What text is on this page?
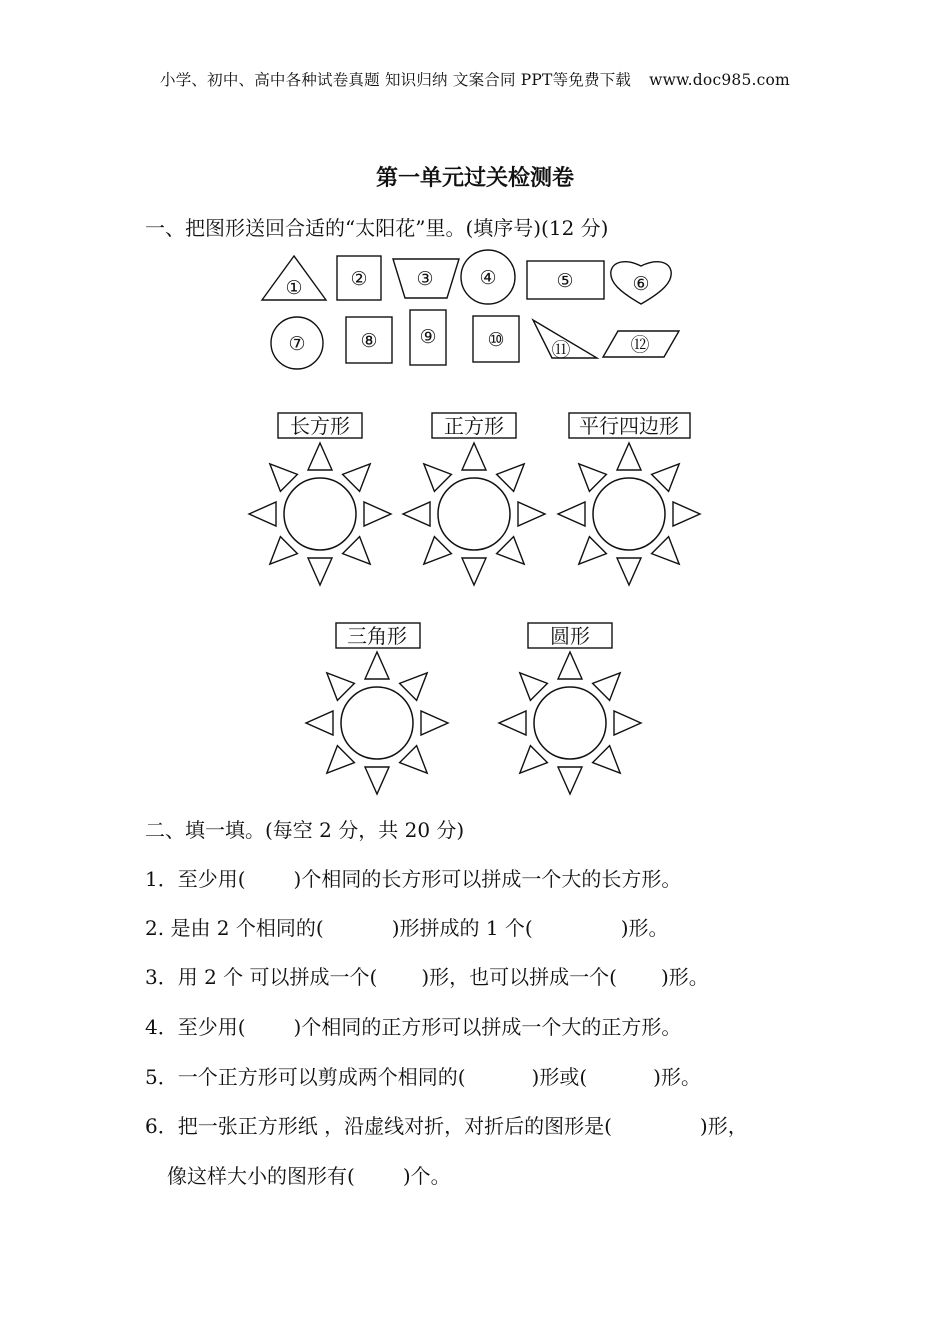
小学、初中、高中各种试卷真题 知识归纳 文案合同 PPT等免费下载 www.doc985.com
第一单元过关检测卷
一、把图形送回合适的“太阳花”里。(填序号)(12 分)
①	②	③ ④	⑤	⑥
⑦	⑧ ⑨	⑩ ⑪	⑫
长方形	正方形	平行四边形
三角形	圆形
二、填一填。(每空 2 分，共 20 分)
1．至少用( )个相同的长方形可以拼成一个大的长方形。
2. 是由 2 个相同的(	)形拼成的 1 个(	)形。
3．用 2 个 可以拼成一个( )形，也可以拼成一个( )形。
4．至少用( )个相同的正方形可以拼成一个大的正方形。
5．一个正方形可以剪成两个相同的(	)形或(	)形。
6．把一张正方形纸 ，沿虚线对折，对折后的图形是(	)形，
像这样大小的图形有( )个。
